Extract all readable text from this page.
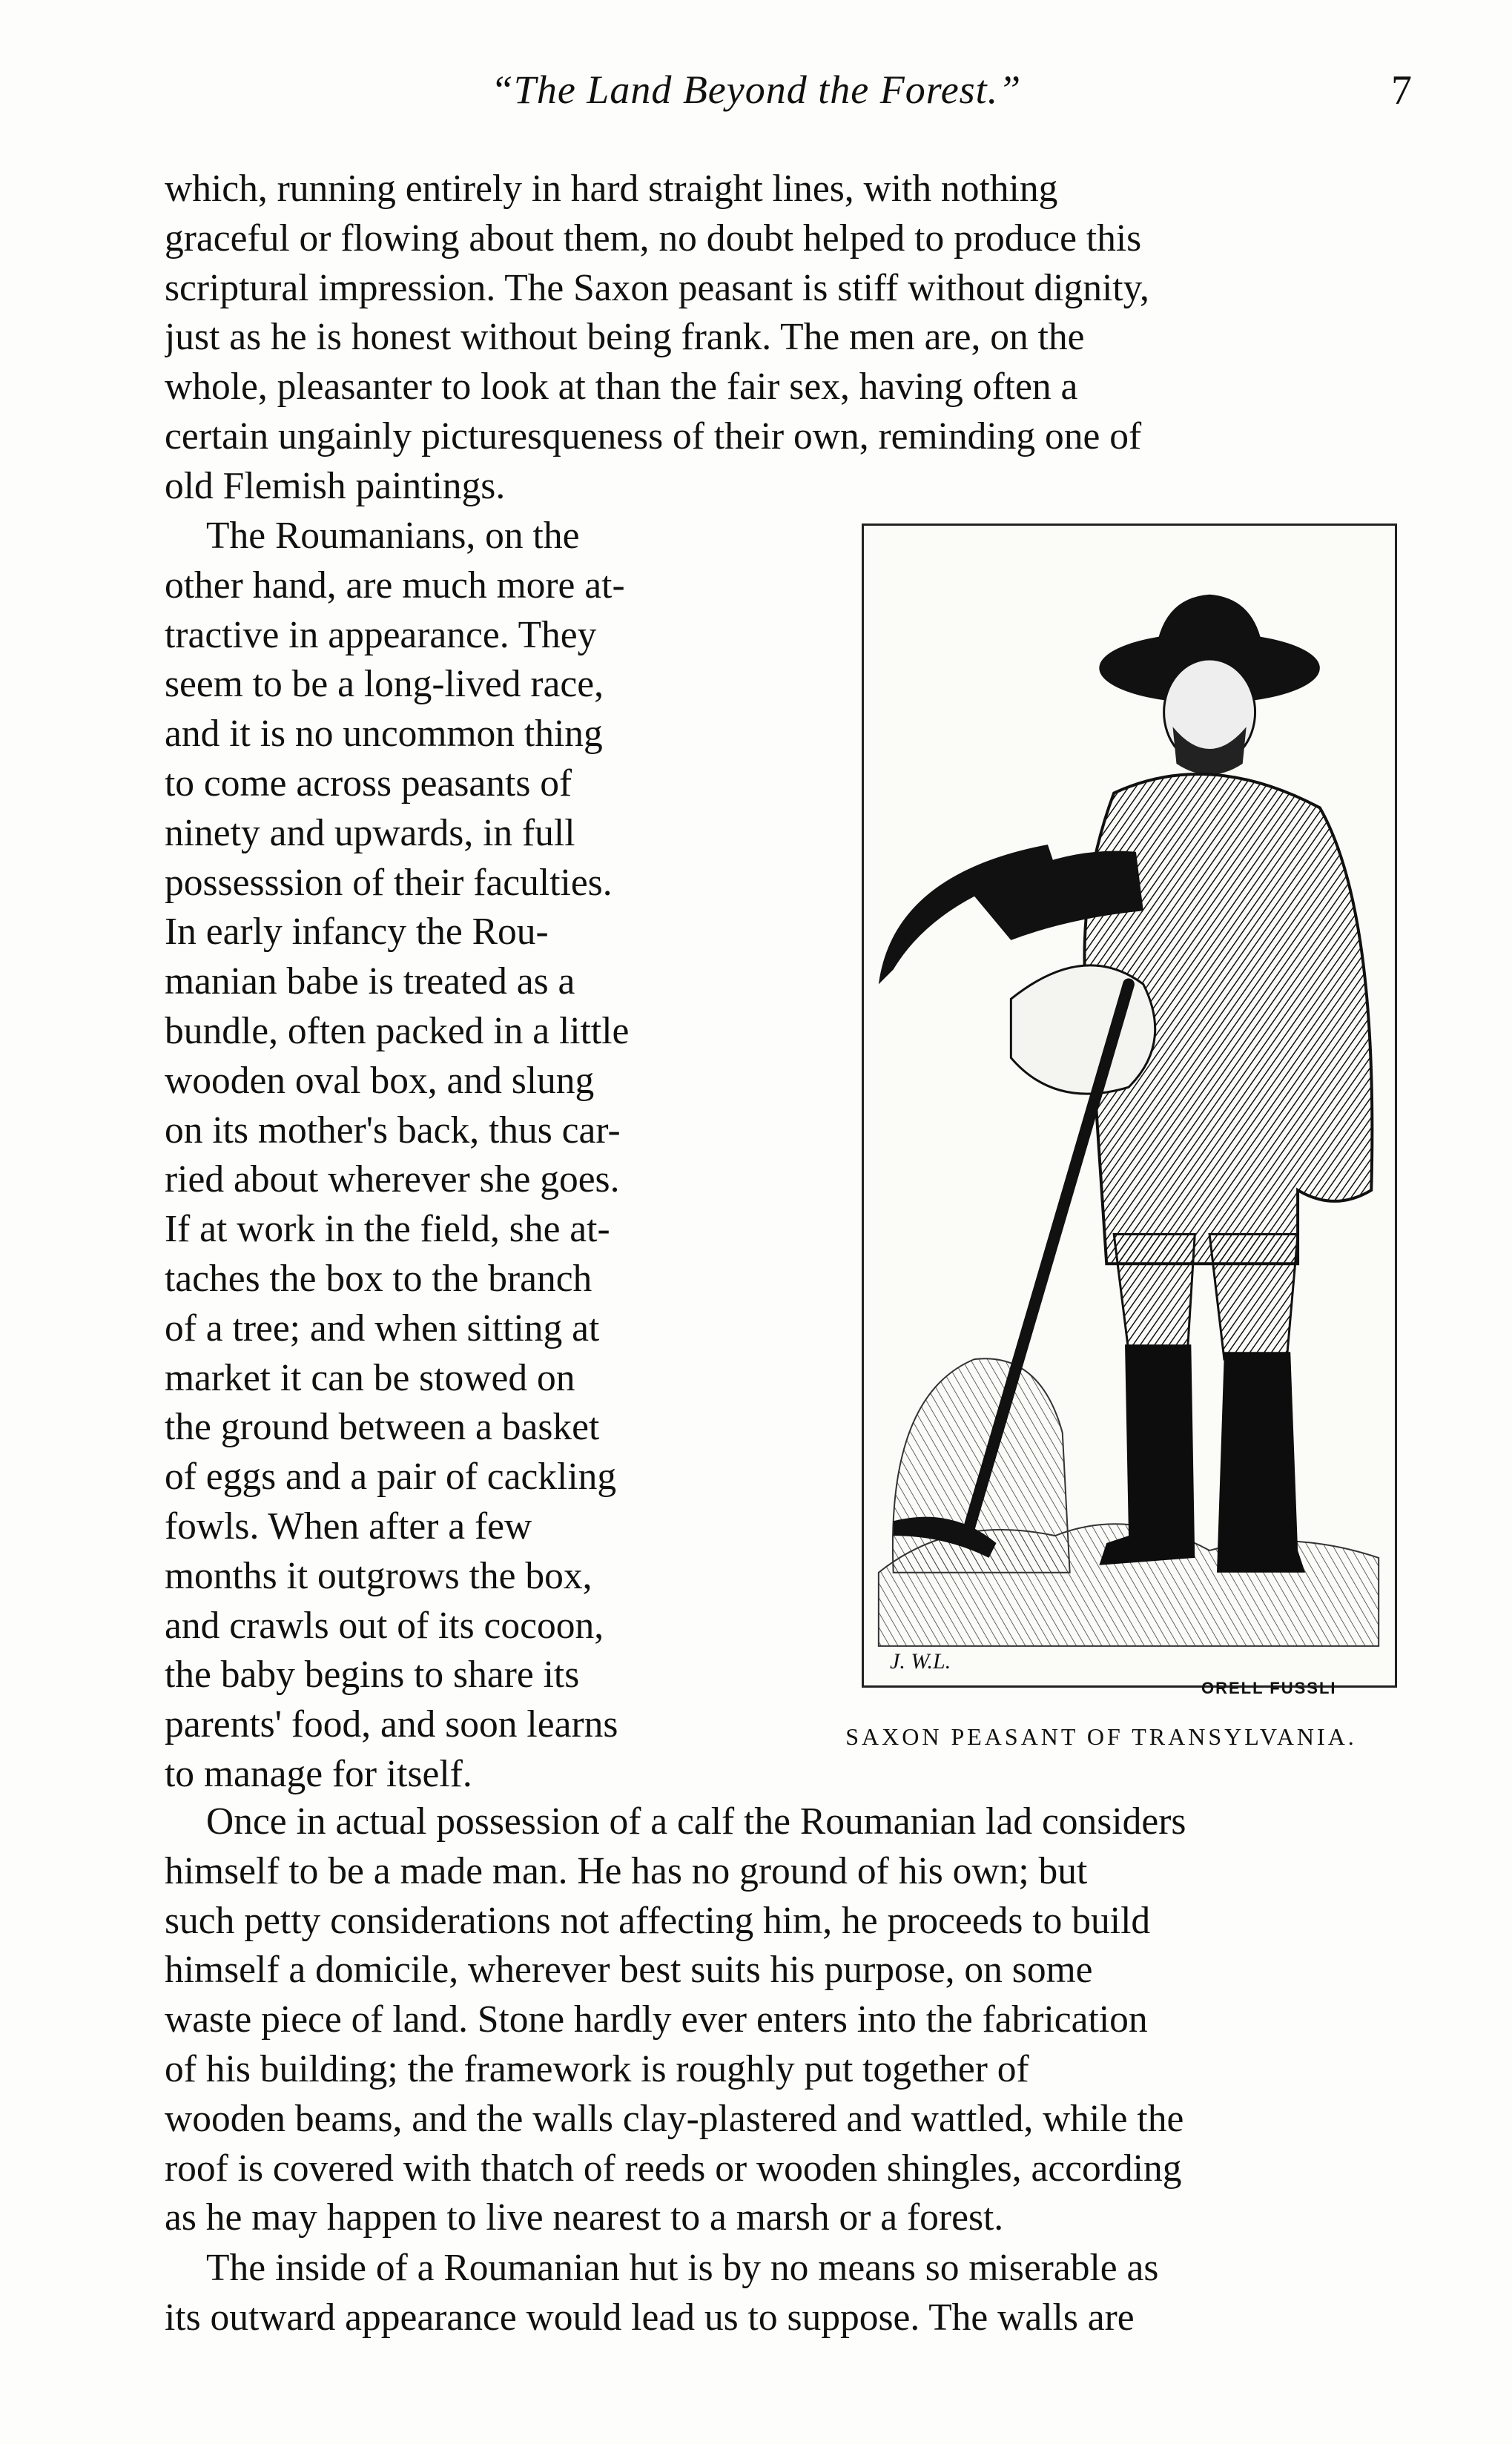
“The Land Beyond the Forest.”	7

which, running entirely in hard straight lines, with nothing
graceful or flowing about them, no doubt helped to produce this
scriptural impression. The Saxon peasant is stiff without dignity,
just as he is honest without being frank. The men are, on the
whole, pleasanter to look at than the fair sex, having often a
certain ungainly picturesqueness of their own, reminding one of
old Flemish paintings.

The Roumanians, on the
other hand, are much more at-
tractive in appearance. They
seem to be a long-lived race,
and it is no uncommon thing
to come across peasants of
ninety and upwards, in full
possesssion of their faculties.
In early infancy the Rou-
manian babe is treated as a
bundle, often packed in a little
wooden oval box, and slung
on its mother's back, thus car-
ried about wherever she goes.
If at work in the field, she at-
taches the box to the branch
of a tree; and when sitting at
market it can be stowed on
the ground between a basket
of eggs and a pair of cackling
fowls. When after a few
months it outgrows the box,
and crawls out of its cocoon,
the baby begins to share its
parents' food, and soon learns
to manage for itself.

J. W.L.
ORELL FUSSLI
SAXON PEASANT OF TRANSYLVANIA.

Once in actual possession of a calf the Roumanian lad considers
himself to be a made man. He has no ground of his own; but
such petty considerations not affecting him, he proceeds to build
himself a domicile, wherever best suits his purpose, on some
waste piece of land. Stone hardly ever enters into the fabrication
of his building; the framework is roughly put together of
wooden beams, and the walls clay-plastered and wattled, while the
roof is covered with thatch of reeds or wooden shingles, according
as he may happen to live nearest to a marsh or a forest.

The inside of a Roumanian hut is by no means so miserable as
its outward appearance would lead us to suppose. The walls are
